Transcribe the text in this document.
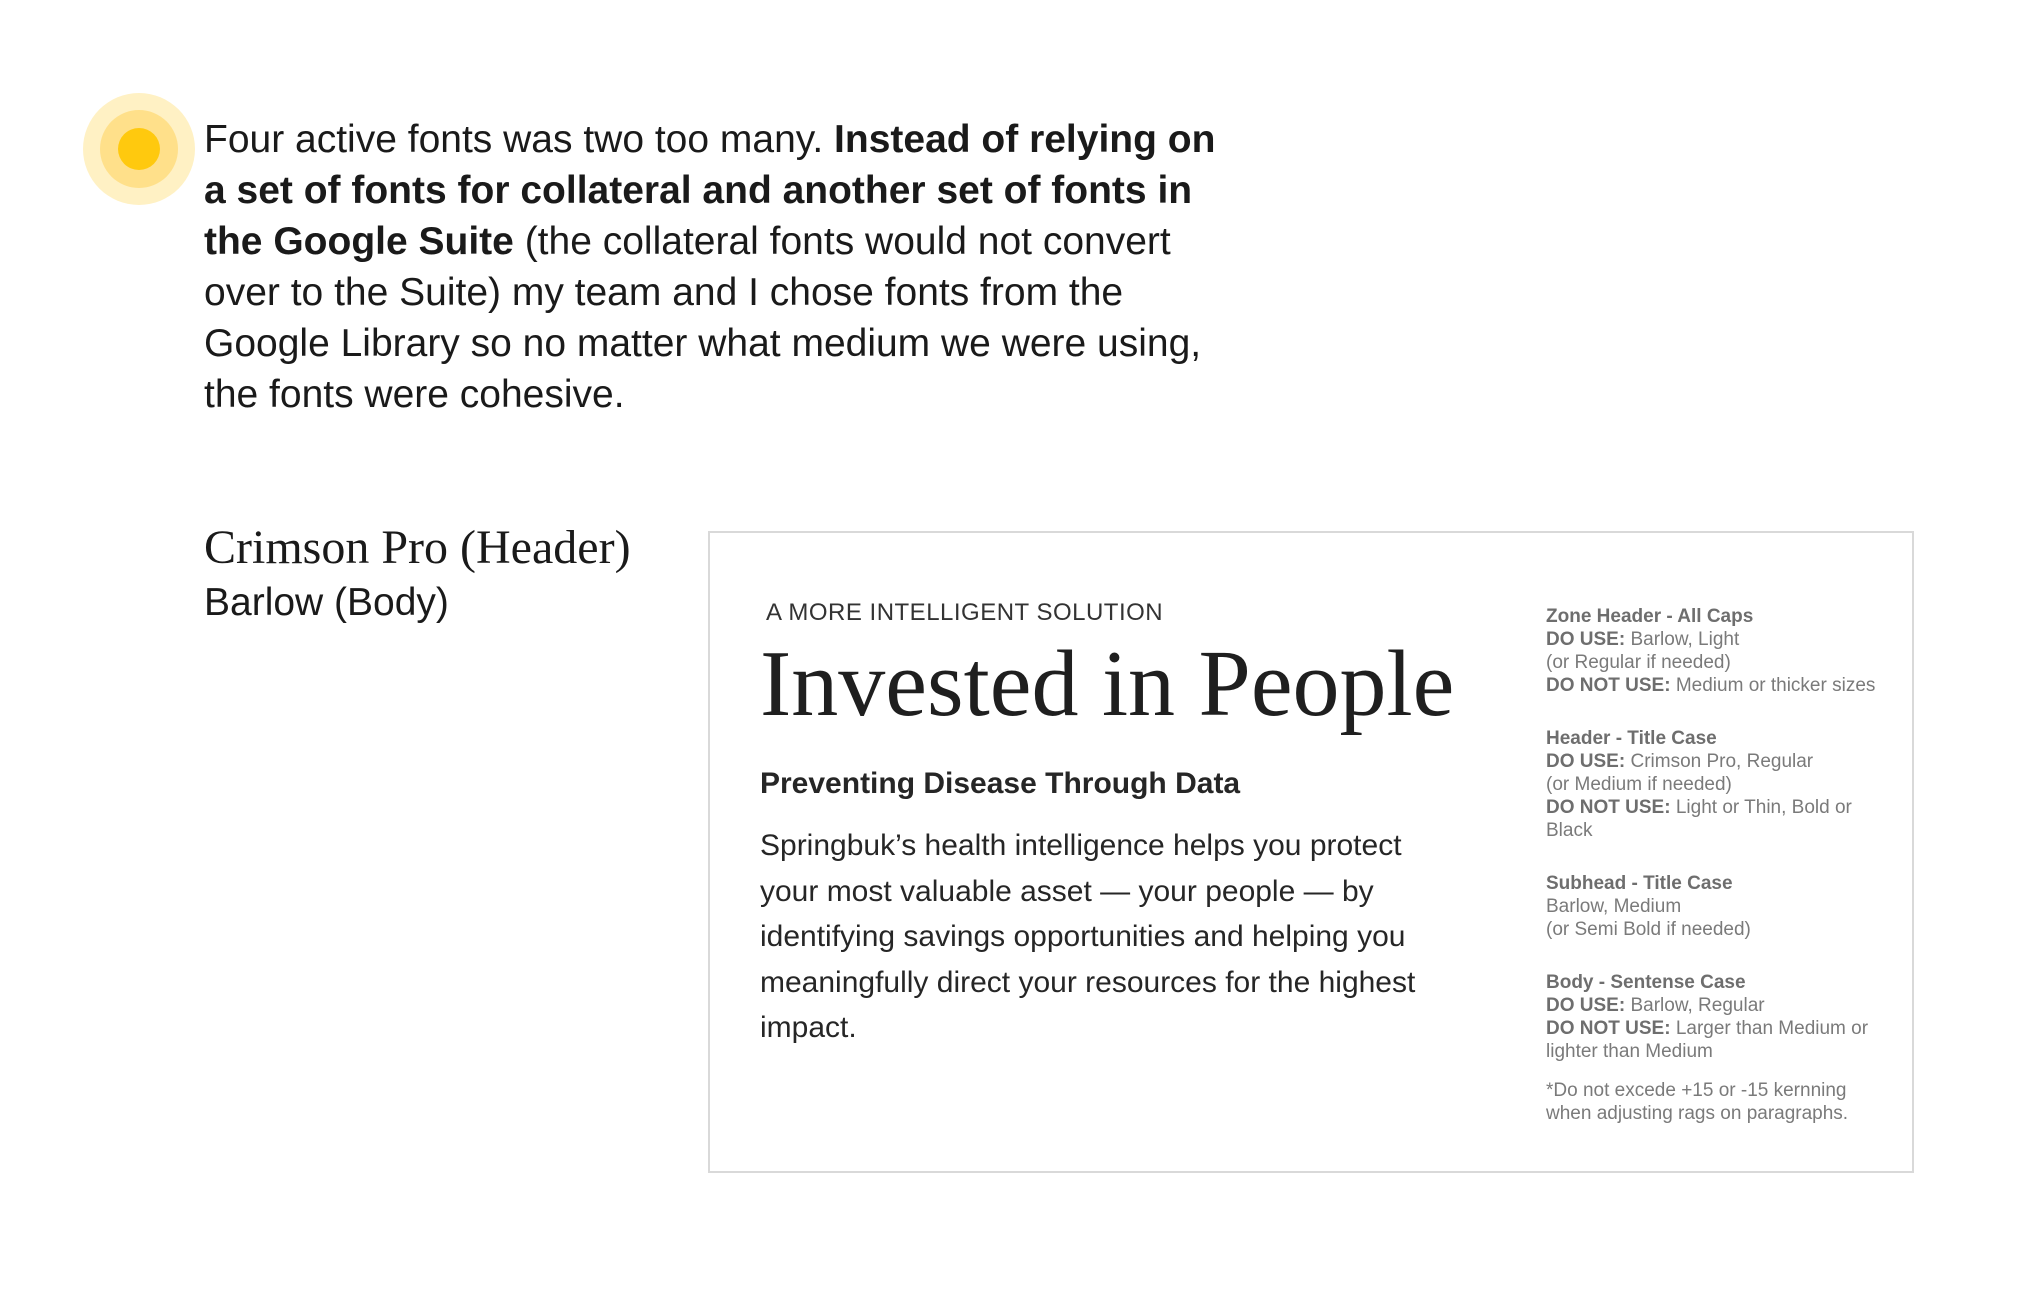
Four active fonts was two too many. Instead of relying on a set of fonts for collateral and another set of fonts in the Google Suite (the collateral fonts would not convert over to the Suite) my team and I chose fonts from the Google Library so no matter what medium we were using, the fonts were cohesive.

Crimson Pro (Header)
Barlow (Body)	A MORE INTELLIGENT SOLUTION
Invested in People
Preventing Disease Through Data
Springbuk’s health intelligence helps you protect your most valuable asset — your people — by identifying savings opportunities and helping you meaningfully direct your resources for the highest impact.
Zone Header - All Caps
DO USE: Barlow, Light
(or Regular if needed)
DO NOT USE: Medium or thicker sizes
Header - Title Case
DO USE: Crimson Pro, Regular
(or Medium if needed)
DO NOT USE: Light or Thin, Bold or Black
Subhead - Title Case
Barlow, Medium
(or Semi Bold if needed)
Body - Sentense Case
DO USE: Barlow, Regular
DO NOT USE: Larger than Medium or lighter than Medium
*Do not excede +15 or -15 kernning when adjusting rags on paragraphs.
